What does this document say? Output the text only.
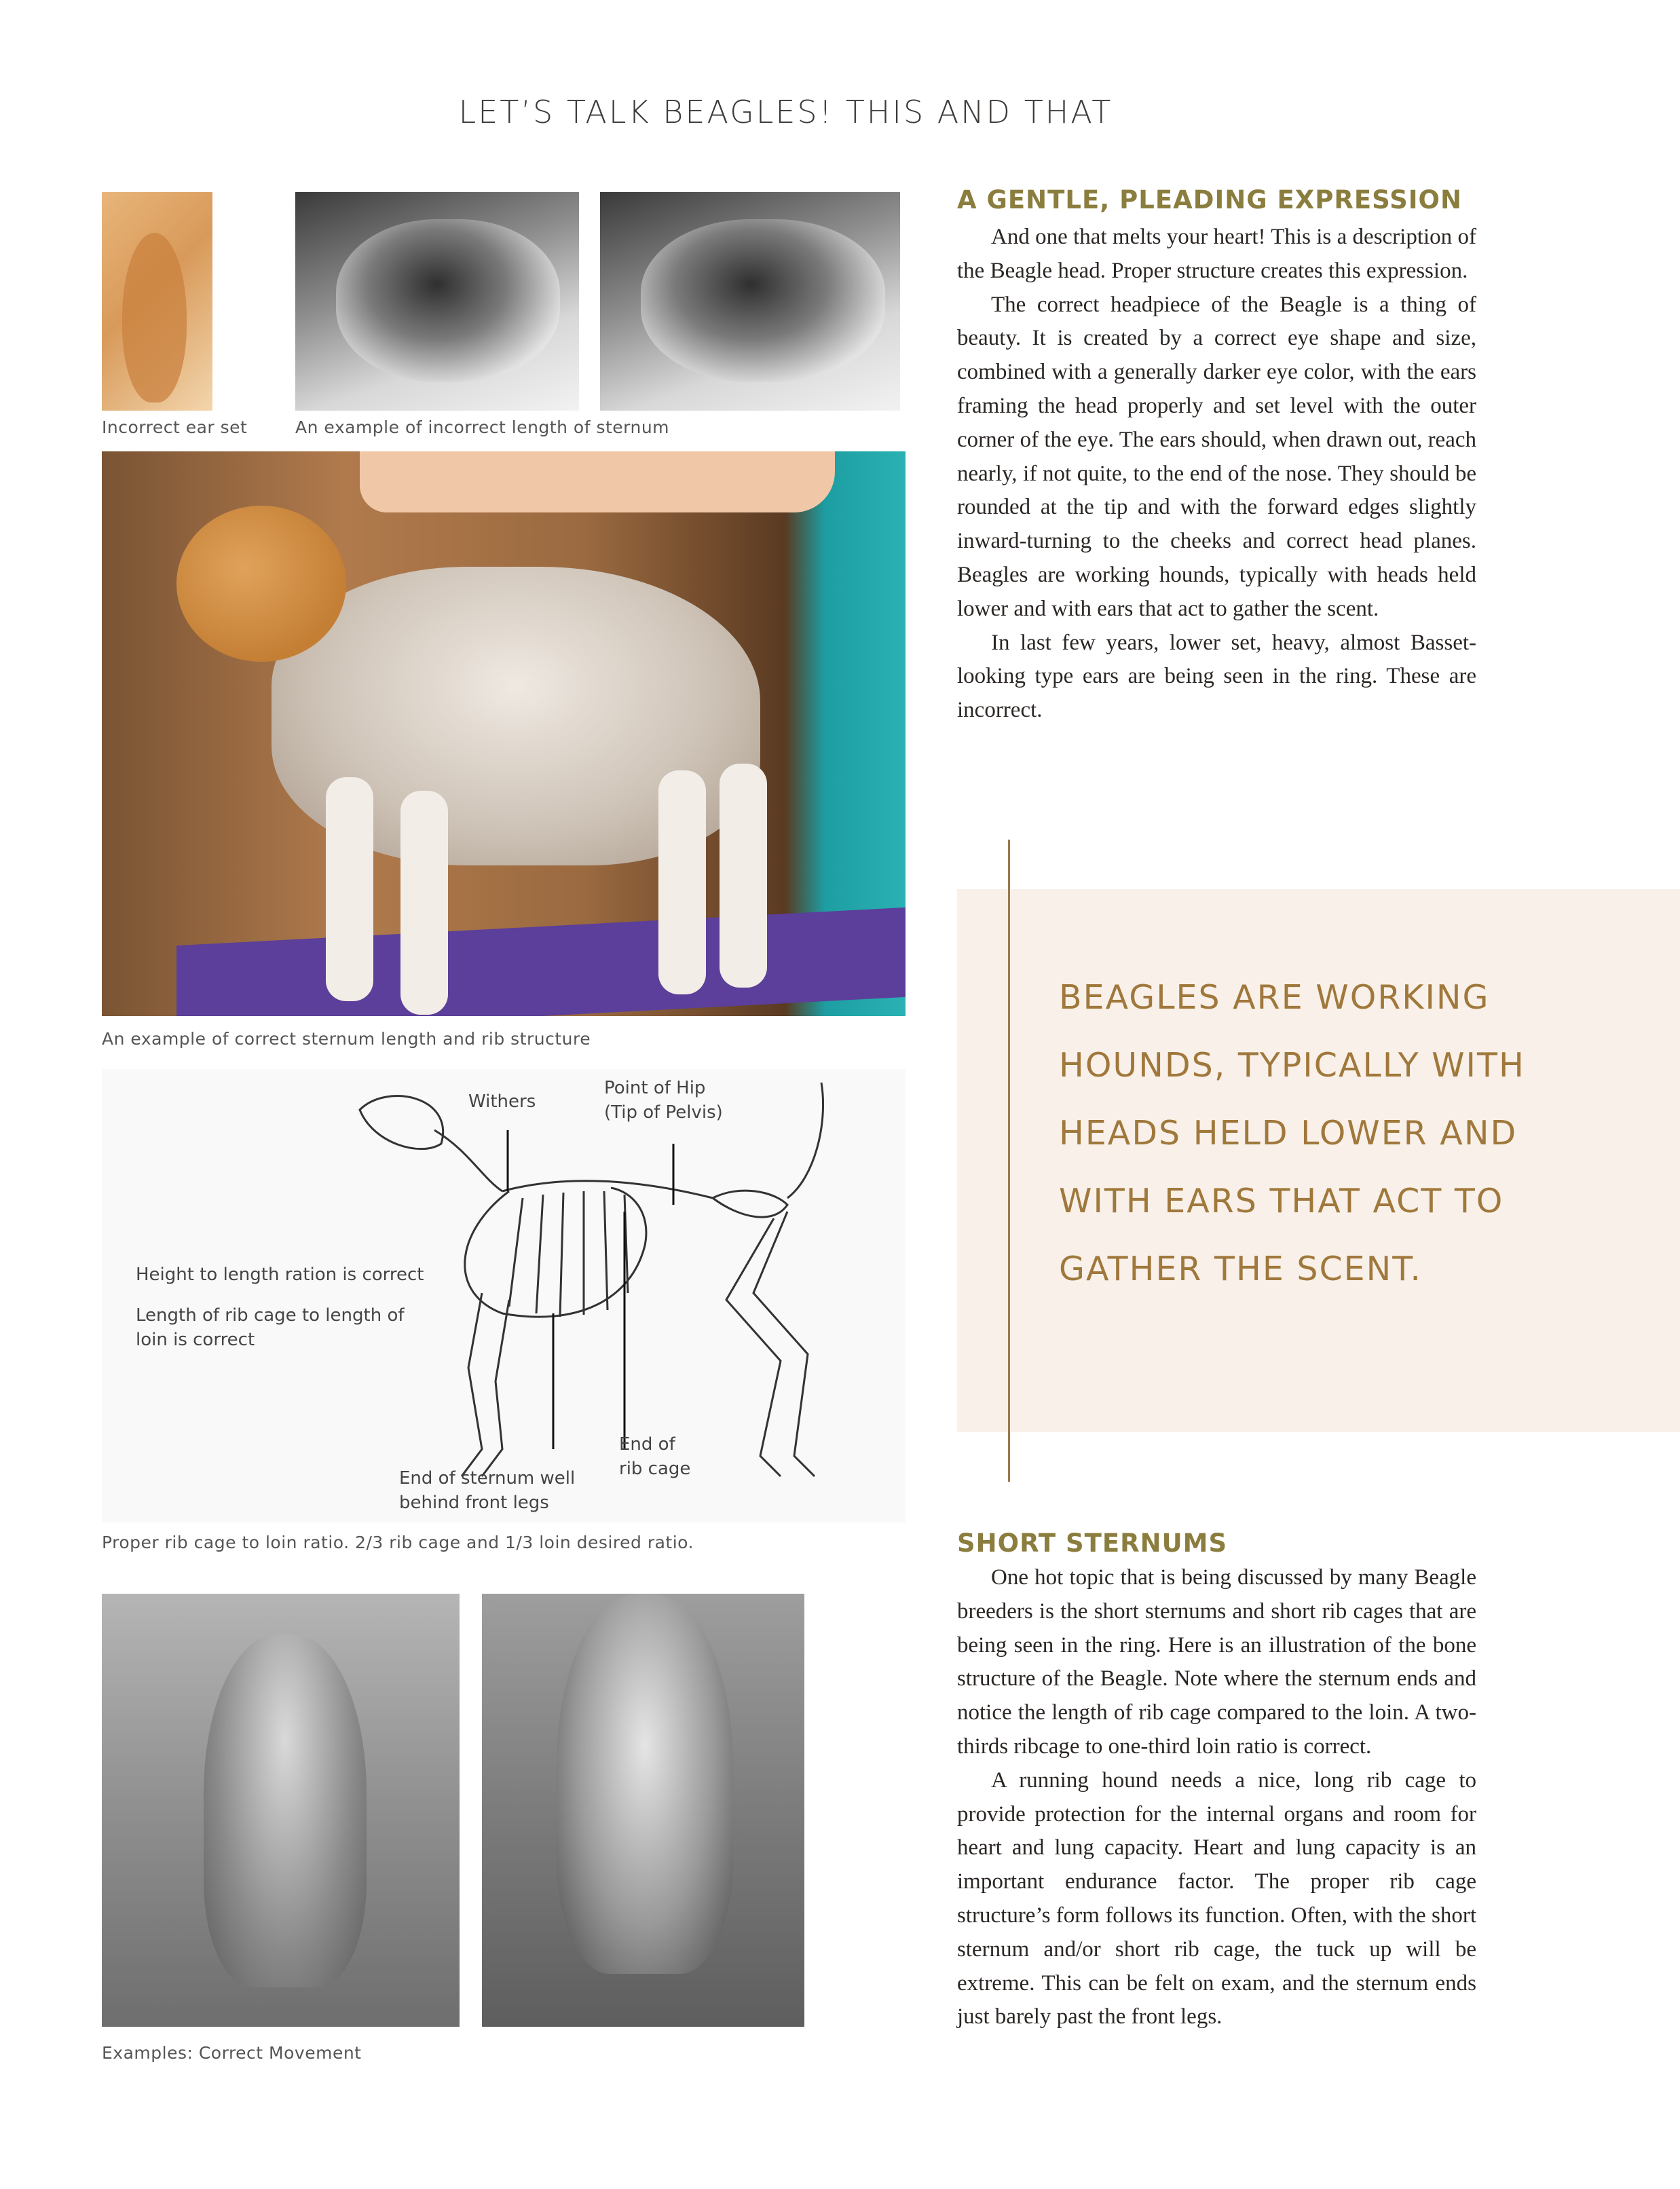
LET’S TALK BEAGLES! THIS AND THAT
Incorrect ear set	An example of incorrect length of sternum
An example of correct sternum length and rib structure
Withers
Point of Hip
(Tip of Pelvis)
Height to length ration is correct
Length of rib cage to length of
loin is correct
End of
rib cage
End of sternum well
behind front legs
Proper rib cage to loin ratio. 2/3 rib cage and 1/3 loin desired ratio.
Examples: Correct Movement
A GENTLE, PLEADING EXPRESSION

And one that melts your heart! This is a description of the Beagle head. Proper structure creates this expression.

The correct headpiece of the Beagle is a thing of beauty. It is created by a correct eye shape and size, combined with a generally darker eye color, with the ears framing the head properly and set level with the outer corner of the eye. The ears should, when drawn out, reach nearly, if not quite, to the end of the nose. They should be rounded at the tip and with the forward edges slightly inward-turning to the cheeks and correct head planes. Beagles are working hounds, typically with heads held lower and with ears that act to gather the scent.

In last few years, lower set, heavy, almost Basset-looking type ears are being seen in the ring. These are incorrect.

BEAGLES ARE WORKING HOUNDS, TYPICALLY WITH HEADS HELD LOWER AND WITH EARS THAT ACT TO GATHER THE SCENT.
SHORT STERNUMS

One hot topic that is being discussed by many Beagle breeders is the short sternums and short rib cages that are being seen in the ring. Here is an illustration of the bone structure of the Beagle. Note where the sternum ends and notice the length of rib cage compared to the loin. A two-thirds ribcage to one-third loin ratio is correct.

A running hound needs a nice, long rib cage to provide protection for the internal organs and room for heart and lung capacity. Heart and lung capacity is an important endurance factor. The proper rib cage structure’s form follows its function. Often, with the short sternum and/or short rib cage, the tuck up will be extreme. This can be felt on exam, and the sternum ends just barely past the front legs.
